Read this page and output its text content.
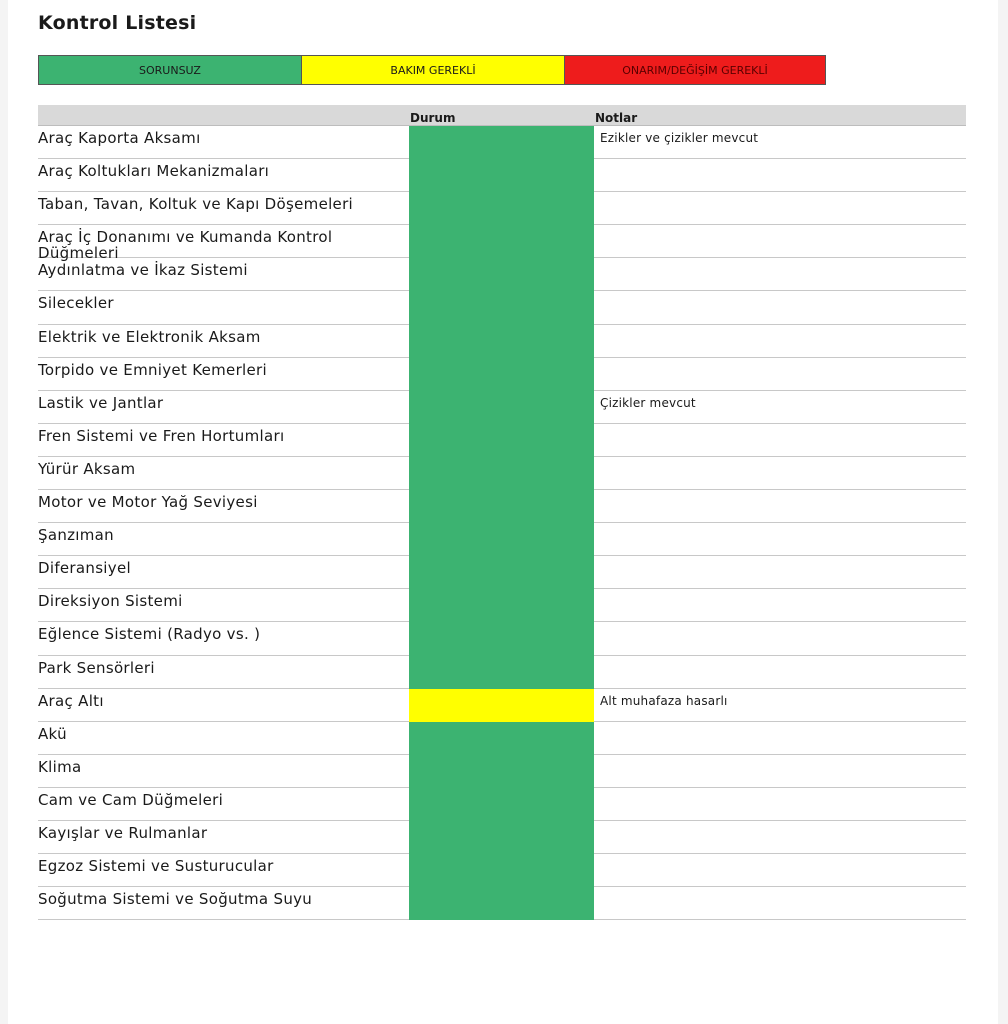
Kontrol Listesi
SORUNSUZ	BAKIM GEREKLİ	ONARIM/DEĞİŞİM GEREKLİ
Durum	Notlar
Araç Kaporta Aksamı	Ezikler ve çizikler mevcut
Araç Koltukları Mekanizmaları
Taban, Tavan, Koltuk ve Kapı Döşemeleri
Araç İç Donanımı ve Kumanda Kontrol Düğmeleri
Aydınlatma ve İkaz Sistemi
Silecekler
Elektrik ve Elektronik Aksam
Torpido ve Emniyet Kemerleri
Lastik ve Jantlar	Çizikler mevcut
Fren Sistemi ve Fren Hortumları
Yürür Aksam
Motor ve Motor Yağ Seviyesi
Şanzıman
Diferansiyel
Direksiyon Sistemi
Eğlence Sistemi (Radyo vs. )
Park Sensörleri
Araç Altı	Alt muhafaza hasarlı
Akü
Klima
Cam ve Cam Düğmeleri
Kayışlar ve Rulmanlar
Egzoz Sistemi ve Susturucular
Soğutma Sistemi ve Soğutma Suyu
